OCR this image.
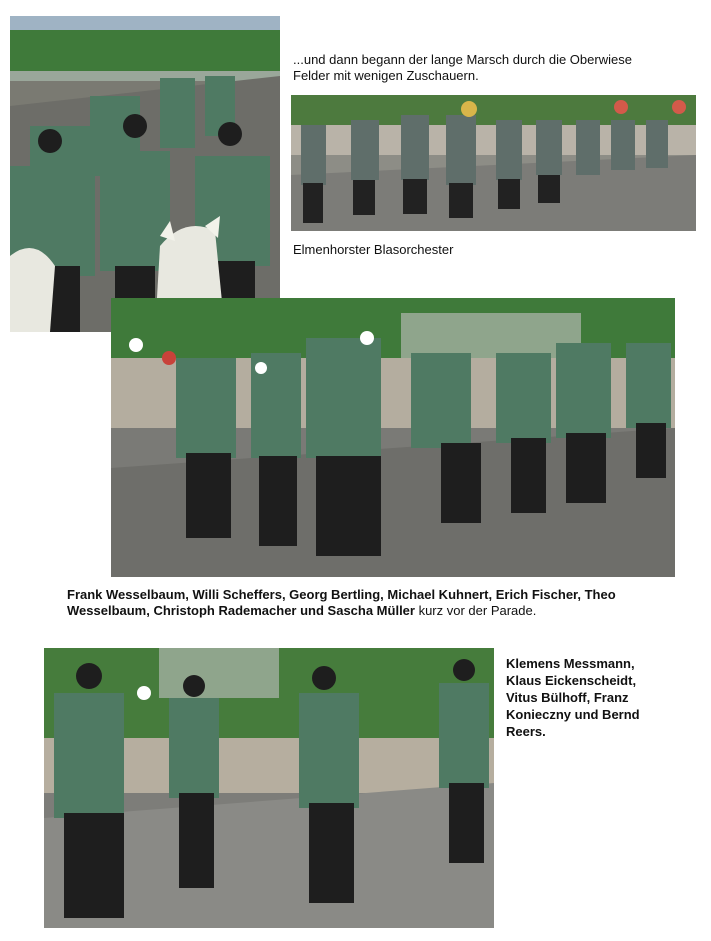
...und dann begann der lange Marsch durch die Oberwiese Felder mit wenigen Zuschauern.
Elmenhorster Blasorchester
Frank Wesselbaum, Willi Scheffers, Georg Bertling, Michael Kuhnert, Erich Fischer, Theo Wesselbaum, Christoph Rademacher und Sascha Müller kurz vor der Parade.
Klemens Messmann, Klaus Eickenscheidt, Vitus Bülhoff, Franz Konieczny und Bernd Reers.
